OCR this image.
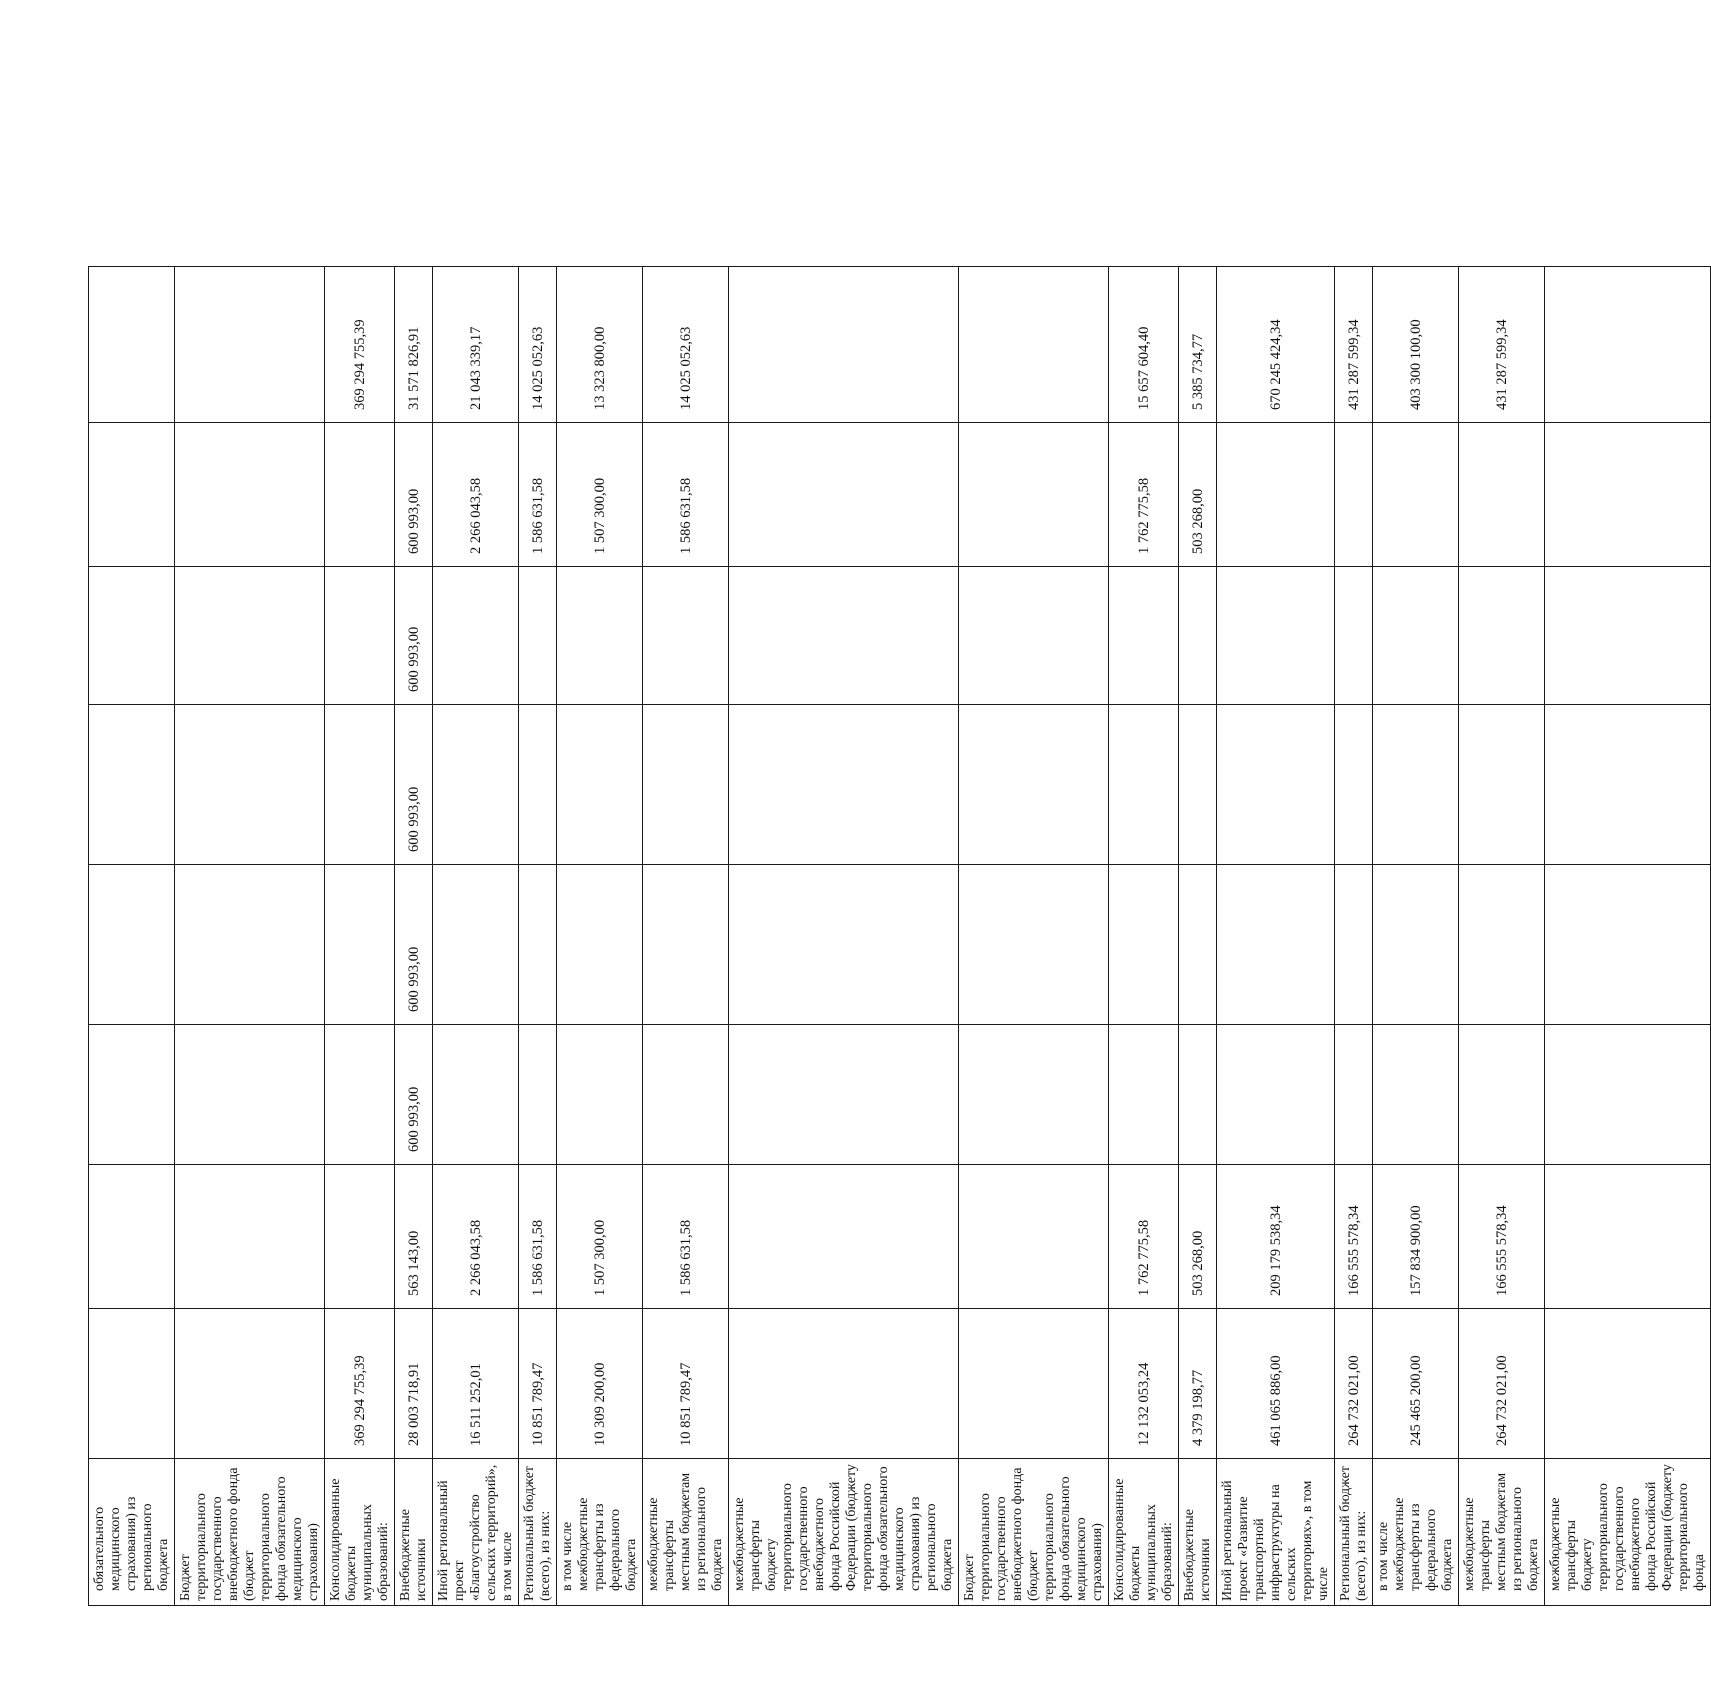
обязательного медицинского страхования) из регионального бюджета								
Бюджет территориального государственного внебюджетного фонда (бюджет территориального фонда обязательного медицинского страхования)								
Консолидированные бюджеты муниципальных образований:	369 294 755,39							369 294 755,39
Внебюджетные источники	28 003 718,91	563 143,00	600 993,00	600 993,00	600 993,00	600 993,00	600 993,00	31 571 826,91
Иной региональный проект «Благоустройство сельских территорий», в том числе	16 511 252,01	2 266 043,58					2 266 043,58	21 043 339,17
Региональный бюджет (всего), из них:	10 851 789,47	1 586 631,58					1 586 631,58	14 025 052,63
в том числе межбюджетные трансферты из федерального бюджета	10 309 200,00	1 507 300,00					1 507 300,00	13 323 800,00
межбюджетные трансферты местным бюджетам из регионального бюджета	10 851 789,47	1 586 631,58					1 586 631,58	14 025 052,63
межбюджетные трансферты бюджету территориального государственного внебюджетного фонда Российской Федерации (бюджету территориального фонда обязательного медицинского страхования) из регионального бюджета								
Бюджет территориального государственного внебюджетного фонда (бюджет территориального фонда обязательного медицинского страхования)								
Консолидированные бюджеты муниципальных образований:	12 132 053,24	1 762 775,58					1 762 775,58	15 657 604,40
Внебюджетные источники	4 379 198,77	503 268,00					503 268,00	5 385 734,77
Иной региональный проект «Развитие транспортной инфраструктуры на сельских территориях», в том числе	461 065 886,00	209 179 538,34						670 245 424,34
Региональный бюджет (всего), из них:	264 732 021,00	166 555 578,34						431 287 599,34
в том числе межбюджетные трансферты из федерального бюджета	245 465 200,00	157 834 900,00						403 300 100,00
межбюджетные трансферты местным бюджетам из регионального бюджета	264 732 021,00	166 555 578,34						431 287 599,34
межбюджетные трансферты бюджету территориального государственного внебюджетного фонда Российской Федерации (бюджету территориального фонда								
